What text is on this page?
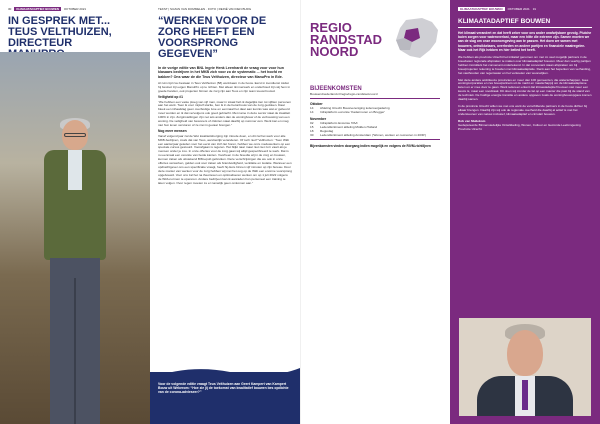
30	KLIMAATADAPTIEF BOUWEN	OKTOBER 2021
IN GESPREK MET...
TEUS VELTHUIZEN,
DIRECTEUR
TEKST | SUZAN VAN DOMMELEN · FOTO | REINÉ VAN DEN BURG
“WERKEN VOOR DE ZORG HEEFT EEN VOORSPRONG GEGEVEN”
In de vorige editie van BNL Ingrie Henk Leenhardt de vraag voor voor hun klasaars bedrijven in het MKB zich voor zo de systematic ... het hoofd en bakken? Ons waar de die Teus Velthuizen, directeur van ManuPro in Ede.

Al ruim tijd zou bestaan in Teus Velthuizen (58) werkzaam in de bouw. Eerst in loondienst totdat hij besloot zijn eigen ManuPro op te richten. Met alleen timmerwerk en onderhoud zijn wij hem in goede handen, ook projecten binnen de zorg zijn aan Teus en zijn team toevertrouwd.

Veiligheid op #1

“We hebben een vaste ploeg van vijf man, maar in totaal heb ik dagelijks tien tot vijftien personen aan het werk. Toen ik voor mijzelf startte, ben ik in de betonbouw van de zorg gedoken. Daar bleek een inhaalslag geen overbodige luxe en eenmaal het daar aan kennis was wat er gebeurd moet worden en ik dat vervolgens ook goed gebracht. Met name in deze sector staat de kwaliteit 100% in zijn. Zorginstellingen zijn net iets anders dan de woningbouw of de verbouwing van een woning. De veiligheid van bewoners of cliënten staat daarbij op nummer één. Werk kan en mag niet hun leven verstoren of ze niet in gevaar brengen.”

Nog meer mensen

Vanaf volgend jaar zal de Wet kwaliteitsborging zijn intrede doen, en dit zal het werk voor alle MKB-bedrijven, zoals dat van Teus, aanzienlijk veranderen. Of toch niet? Velthuizen: “Toen Wkb een aantal jaar geleden voor het eerst van zich liet horen, hebben we onze medewerkers op een speciale cursus gestuurd. Voorafgaan is regeren. Het blijkt naar maar niet niet zo'n vaart als je mensen onder je zou. In onze offertes voor de zorg gaan wij altijd gespecificeerd te werk. Dat is nu eenmaal een vereiste van beide kanten. Voorheen in de breedte wij in de zorg en bouwen, kunnen zaken als uitstekend BIM-epub gebruiken. Deze verschrijvingen die we ook in onze offertes verwerken, gelden ook voor zaken als brandveiligheid, ventilatie en isolatie. Wanneer een opdrachtgever ons een specificatie vraagt, heeft hij deze binnen vijf minuten op zijn bureau. Door deze manier van werken voor de zorg hebben wij met het oog op de Wkb een enorme voorsprong opgebouwd. Voor ons zal het na theoriesen en optimaliseren werken om op 1 juli 2022 volgens de Wkb-normen te opereren. Andere bedrijven kan ik aanraden hun personeel een training te laten volgen. Over regen moeten ze er namelijk geen omkomen aan.”

Voor de volgende editie vraagt Teus Velthuizen aan Geert Kampert van Kampert Bouw uit Wekerom: “Hoe zie jij de toekomst van kwalitatief bouwen bes opdichte van de corona-advieseer?”
REGIO
RANDSTAD
NOORD
BIJEENKOMSTEN
Bouwendnederland.nl/regio/regio-randstad-noord
Oktober
14	Afdeling Utrecht Bouwvereniging ledenvergadering
14	Infraplatform excursie 'Kadermoren en Brugger'
November
02	Infraplatform Excursie 'PAA'
15	Ledendiëntiment afdeling Midden-Holland
18	Regiodag
30	Ledendiëntiment afdeling Amsterdam ('Wonen, werken en recreëren in 2030')
Bijeenkomsten vinden doorgang indien mogelijk en volgens de RIVM-richtlijnen
KLIMAATADAPTIEF BOUWEN	OKTOBER 2021 31
KLIMAATADAPTIEF BOUWEN
Het klimaat verandert en dat heeft zeker voor ons ander onafwijsbare gevolg. Pluiche buien zorgen voor wateroverlast, maar een hitte die extreem zijn. Samen moeten we aan de slag om onze woonomgeving aan te passen. Het doen we samen met bouwers, ontwikkelaars, overheden en andere partijen en financiele maatregelen. Maar ook het Rijk hebben en hier belied het heeft.

We hebben als provincie Utrecht het initiatief genomen om met zo veel mogelijk partners in de bouwketen regionale afspraken te maken over klimaatadaptief bouwen. Meer dan veertig partijen hebben inmiddels het convenant ondertekend. In dat convenant staan afspraken om bij bouwprojecten rekening te houden met klimaatadaptatie. Denk aan het beperken van verharding, het vasthouden van regenwater en het verkoelen van woonwijken.

Met deze andere ambitieuze provincies en meer dan 100 gemeenten, die waterschappen, twee woningcorporaties en zes bouwpartners uit de markt en maatschappij om de klimaatadaptieve keten en er mee door te gaan. Want iedereen erkent dat klimaatadaptief bouwen niet meer een keuze is, maar een noodzaak. Dit doen wij zonder de lat op een manier die past bij de stand van de techniek. De huidige energie transitie en andere opgaven zoals de woningbouwopgave komen daarbij samen.

In de provincie Utrecht willen we met ons werk de verschillende partners in de bouw dichter bij elkaar brengen. Daarbij zijn wij ook de regionale overheid die daarbij al actief is met het ondersteunen van natuur-inclusief, klimaatadaptief en circulair bouwen.

Rob van Muilekom
Gedeputeerde Binnenstedelijke Ontwikkeling, Wonen, Cultuur en Gezonde Leefomgeving Provincie Utrecht
